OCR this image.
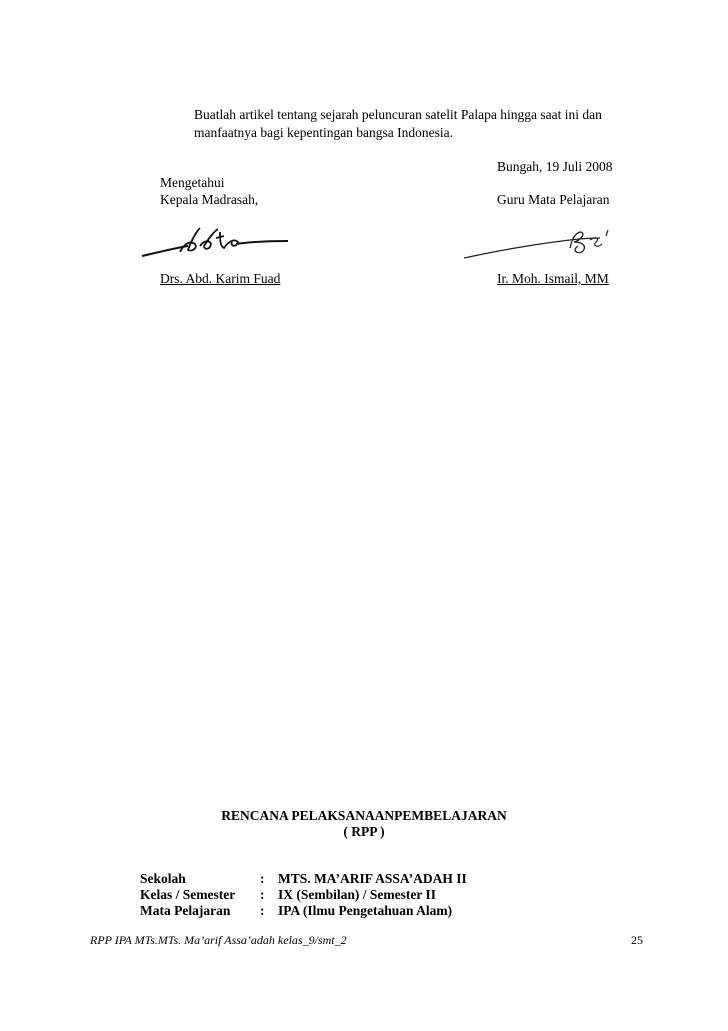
Buatlah artikel tentang sejarah peluncuran satelit Palapa hingga saat ini dan
manfaatnya bagi kepentingan bangsa Indonesia.
Bungah, 19 Juli 2008
Mengetahui
Kepala Madrasah,	Guru Mata Pelajaran
Drs. Abd. Karim Fuad	Ir. Moh. Ismail, MM
RENCANA PELAKSANAANPEMBELAJARAN
( RPP )
Sekolah	: MTS. MA’ARIF ASSA’ADAH II
Kelas / Semester	: IX (Sembilan) / Semester II
Mata Pelajaran	: IPA (Ilmu Pengetahuan Alam)
RPP IPA MTs.MTs. Ma’arif Assa’adah kelas_9/smt_2	25
